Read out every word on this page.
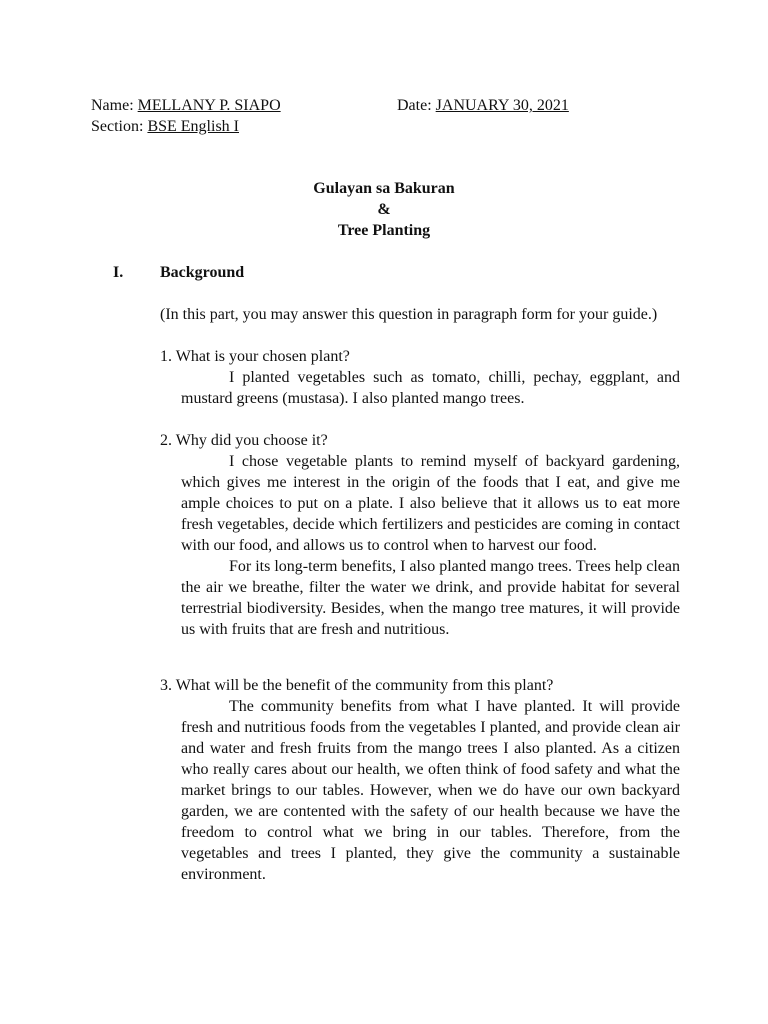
Name: MELLANY P. SIAPO	Date: JANUARY 30, 2021
Section: BSE English I

Gulayan sa Bakuran

&

Tree Planting

I. Background

(In this part, you may answer this question in paragraph form for your guide.)

1. What is your chosen plant?

I planted vegetables such as tomato, chilli, pechay, eggplant, and mustard greens (mustasa). I also planted mango trees.

2. Why did you choose it?

I chose vegetable plants to remind myself of backyard gardening, which gives me interest in the origin of the foods that I eat, and give me ample choices to put on a plate. I also believe that it allows us to eat more fresh vegetables, decide which fertilizers and pesticides are coming in contact with our food, and allows us to control when to harvest our food.

For its long-term benefits, I also planted mango trees. Trees help clean the air we breathe, filter the water we drink, and provide habitat for several terrestrial biodiversity. Besides, when the mango tree matures, it will provide us with fruits that are fresh and nutritious.

3. What will be the benefit of the community from this plant?

The community benefits from what I have planted. It will provide fresh and nutritious foods from the vegetables I planted, and provide clean air and water and fresh fruits from the mango trees I also planted. As a citizen who really cares about our health, we often think of food safety and what the market brings to our tables. However, when we do have our own backyard garden, we are contented with the safety of our health because we have the freedom to control what we bring in our tables. Therefore, from the vegetables and trees I planted, they give the community a sustainable environment.
